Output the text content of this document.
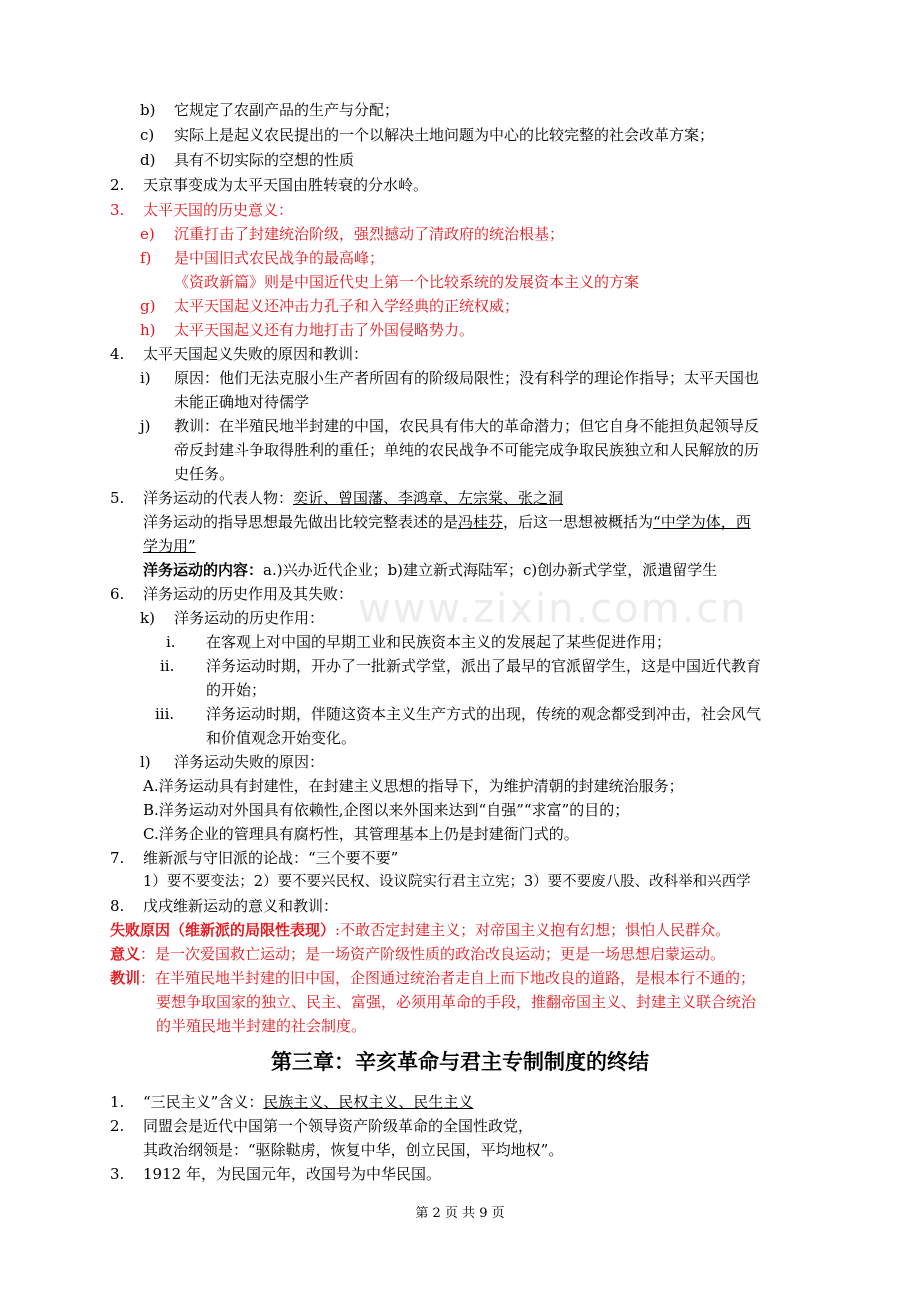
www.zixin.com.cn
b) 它规定了农副产品的生产与分配；
c) 实际上是起义农民提出的一个以解决土地问题为中心的比较完整的社会改革方案；
d) 具有不切实际的空想的性质
2. 天京事变成为太平天国由胜转衰的分水岭。
3. 太平天国的历史意义：
e) 沉重打击了封建统治阶级，强烈撼动了清政府的统治根基；
f) 是中国旧式农民战争的最高峰；
《资政新篇》则是中国近代史上第一个比较系统的发展资本主义的方案
g) 太平天国起义还冲击力孔子和入学经典的正统权威；
h) 太平天国起义还有力地打击了外国侵略势力。
4. 太平天国起义失败的原因和教训：
i) 原因：他们无法克服小生产者所固有的阶级局限性；没有科学的理论作指导；太平天国也
未能正确地对待儒学
j) 教训：在半殖民地半封建的中国，农民具有伟大的革命潜力；但它自身不能担负起领导反
帝反封建斗争取得胜利的重任；单纯的农民战争不可能完成争取民族独立和人民解放的历
史任务。
5. 洋务运动的代表人物：奕䜣、曾国藩、李鸿章、左宗棠、张之洞
洋务运动的指导思想最先做出比较完整表述的是冯桂芬，后这一思想被概括为“中学为体，西
学为用”
洋务运动的内容：a.)兴办近代企业；b)建立新式海陆军；c)创办新式学堂，派遣留学生
6. 洋务运动的历史作用及其失败：
k) 洋务运动的历史作用：
i. 在客观上对中国的早期工业和民族资本主义的发展起了某些促进作用；
ii. 洋务运动时期，开办了一批新式学堂，派出了最早的官派留学生，这是中国近代教育
的开始；
iii. 洋务运动时期，伴随这资本主义生产方式的出现，传统的观念都受到冲击，社会风气
和价值观念开始变化。
l) 洋务运动失败的原因：
A.洋务运动具有封建性，在封建主义思想的指导下，为维护清朝的封建统治服务；
B.洋务运动对外国具有依赖性,企图以来外国来达到“自强”“求富”的目的；
C.洋务企业的管理具有腐朽性，其管理基本上仍是封建衙门式的。
7. 维新派与守旧派的论战：“三个要不要”
1）要不要变法；2）要不要兴民权、设议院实行君主立宪；3）要不要废八股、改科举和兴西学
8. 戊戌维新运动的意义和教训：
失败原因（维新派的局限性表现）:不敢否定封建主义；对帝国主义抱有幻想；惧怕人民群众。
意义：是一次爱国救亡运动；是一场资产阶级性质的政治改良运动；更是一场思想启蒙运动。
教训：在半殖民地半封建的旧中国，企图通过统治者走自上而下地改良的道路，是根本行不通的；
要想争取国家的独立、民主、富强，必须用革命的手段，推翻帝国主义、封建主义联合统治
的半殖民地半封建的社会制度。
第三章：辛亥革命与君主专制制度的终结
1. “三民主义”含义：民族主义、民权主义、民生主义
2. 同盟会是近代中国第一个领导资产阶级革命的全国性政党，
其政治纲领是：“驱除鞑虏，恢复中华，创立民国，平均地权”。
3. 1912 年，为民国元年，改国号为中华民国。
第 2 页 共 9 页
